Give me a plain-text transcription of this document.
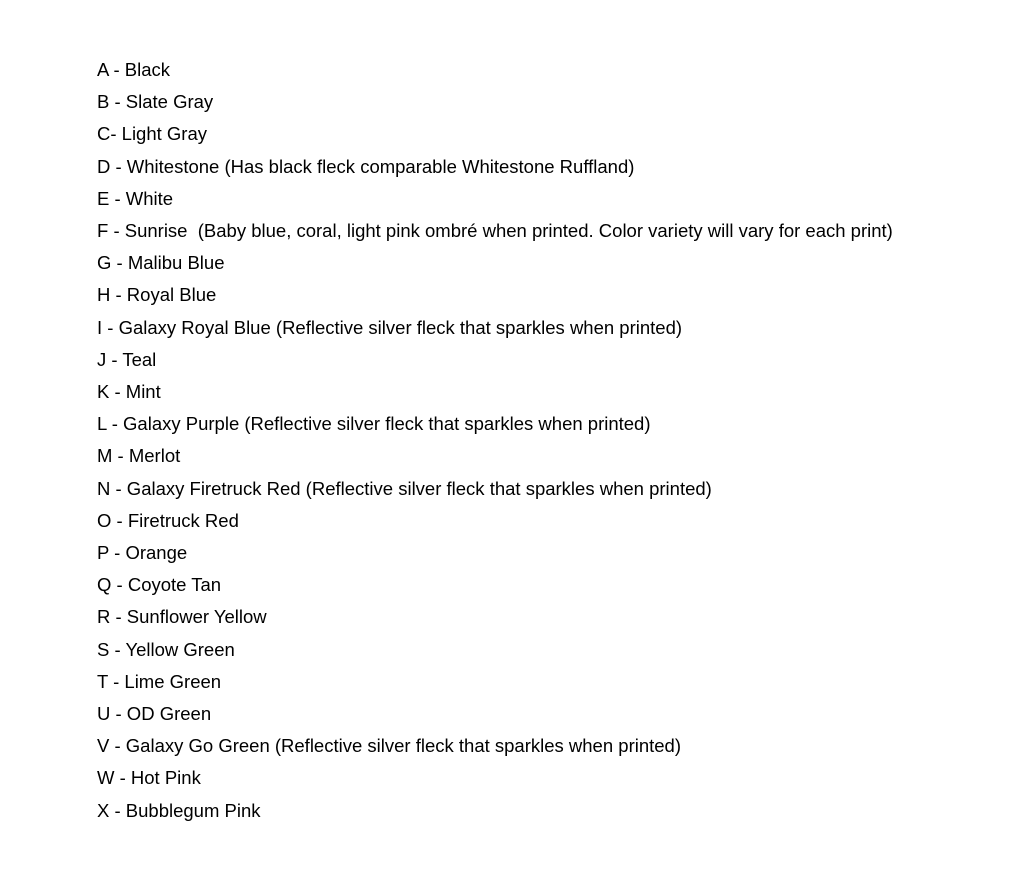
A - Black
B - Slate Gray
C- Light Gray
D - Whitestone (Has black fleck comparable Whitestone Ruffland)
E - White
F - Sunrise  (Baby blue, coral, light pink ombré when printed. Color variety will vary for each print)
G - Malibu Blue
H - Royal Blue
I - Galaxy Royal Blue (Reflective silver fleck that sparkles when printed)
J - Teal
K - Mint
L - Galaxy Purple (Reflective silver fleck that sparkles when printed)
M - Merlot
N - Galaxy Firetruck Red (Reflective silver fleck that sparkles when printed)
O - Firetruck Red
P - Orange
Q - Coyote Tan
R - Sunflower Yellow
S - Yellow Green
T - Lime Green
U - OD Green
V - Galaxy Go Green (Reflective silver fleck that sparkles when printed)
W - Hot Pink
X - Bubblegum Pink
